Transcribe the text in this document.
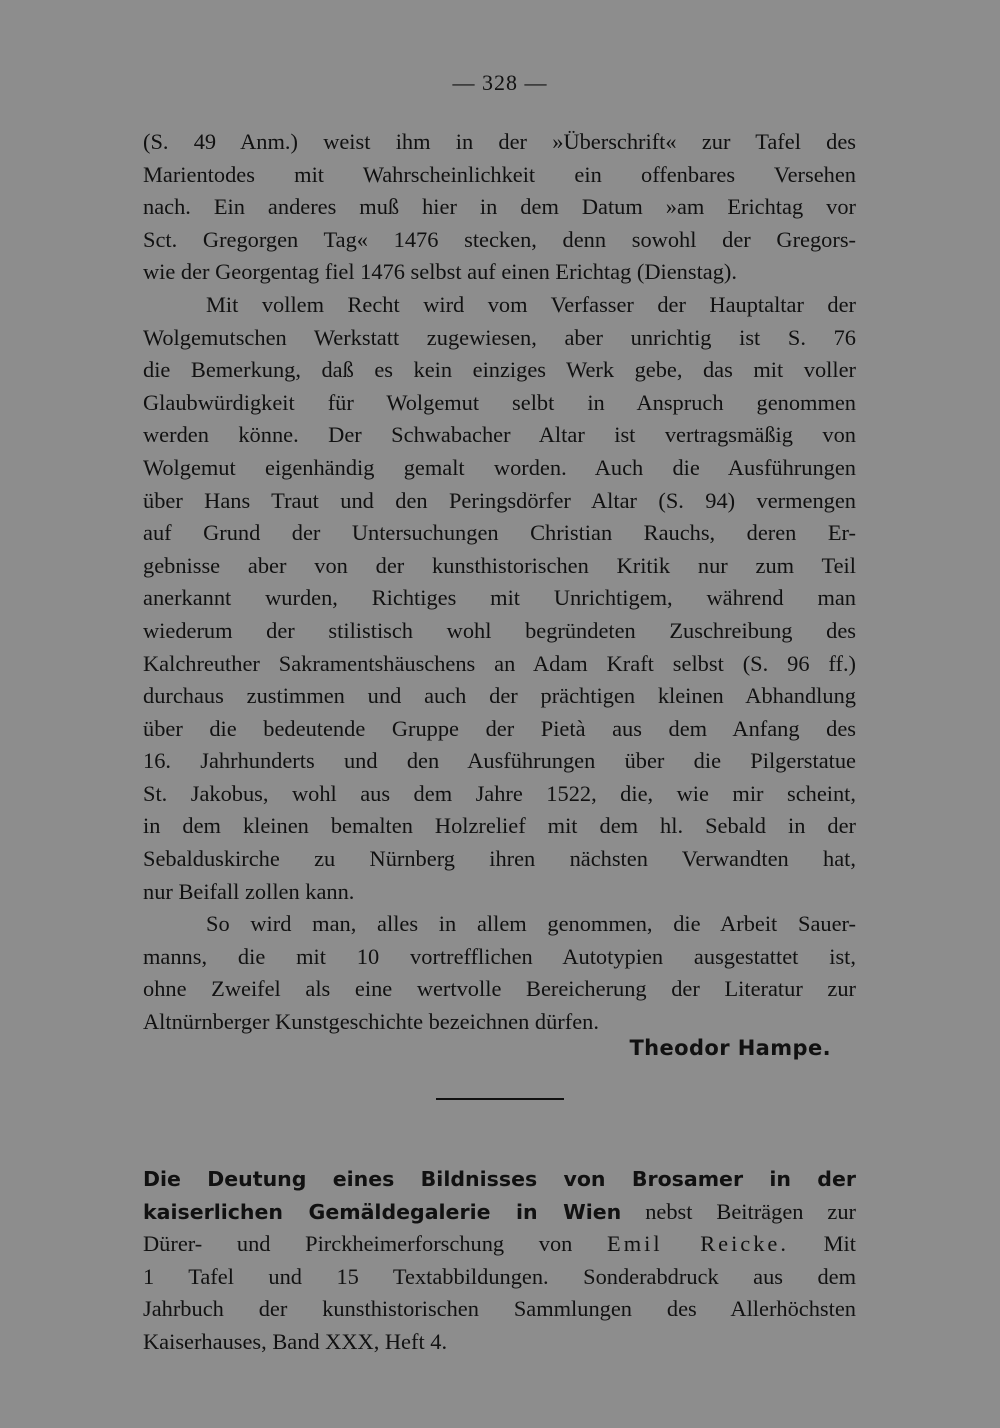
— 328 —
(S. 49 Anm.) weist ihm in der »Überschrift« zur Tafel des
Marientodes mit Wahrscheinlichkeit ein offenbares Versehen
nach. Ein anderes muß hier in dem Datum »am Erichtag vor
Sct. Gregorgen Tag« 1476 stecken, denn sowohl der Gregors-
wie der Georgentag fiel 1476 selbst auf einen Erichtag (Dienstag).
Mit vollem Recht wird vom Verfasser der Hauptaltar der
Wolgemutschen Werkstatt zugewiesen, aber unrichtig ist S. 76
die Bemerkung, daß es kein einziges Werk gebe, das mit voller
Glaubwürdigkeit für Wolgemut selbt in Anspruch genommen
werden könne. Der Schwabacher Altar ist vertragsmäßig von
Wolgemut eigenhändig gemalt worden. Auch die Ausführungen
über Hans Traut und den Peringsdörfer Altar (S. 94) vermengen
auf Grund der Untersuchungen Christian Rauchs, deren Er-
gebnisse aber von der kunsthistorischen Kritik nur zum Teil
anerkannt wurden, Richtiges mit Unrichtigem, während man
wiederum der stilistisch wohl begründeten Zuschreibung des
Kalchreuther Sakramentshäuschens an Adam Kraft selbst (S. 96 ff.)
durchaus zustimmen und auch der prächtigen kleinen Abhandlung
über die bedeutende Gruppe der Pietà aus dem Anfang des
16. Jahrhunderts und den Ausführungen über die Pilgerstatue
St. Jakobus, wohl aus dem Jahre 1522, die, wie mir scheint,
in dem kleinen bemalten Holzrelief mit dem hl. Sebald in der
Sebalduskirche zu Nürnberg ihren nächsten Verwandten hat,
nur Beifall zollen kann.
So wird man, alles in allem genommen, die Arbeit Sauer-
manns, die mit 10 vortrefflichen Autotypien ausgestattet ist,
ohne Zweifel als eine wertvolle Bereicherung der Literatur zur
Altnürnberger Kunstgeschichte bezeichnen dürfen.
Theodor Hampe.
Die Deutung eines Bildnisses von Brosamer in der
kaiserlichen Gemäldegalerie in Wien nebst Beiträgen zur
Dürer- und Pirckheimerforschung von Emil Reicke. Mit
1 Tafel und 15 Textabbildungen. Sonderabdruck aus dem
Jahrbuch der kunsthistorischen Sammlungen des Allerhöchsten
Kaiserhauses, Band XXX, Heft 4.
